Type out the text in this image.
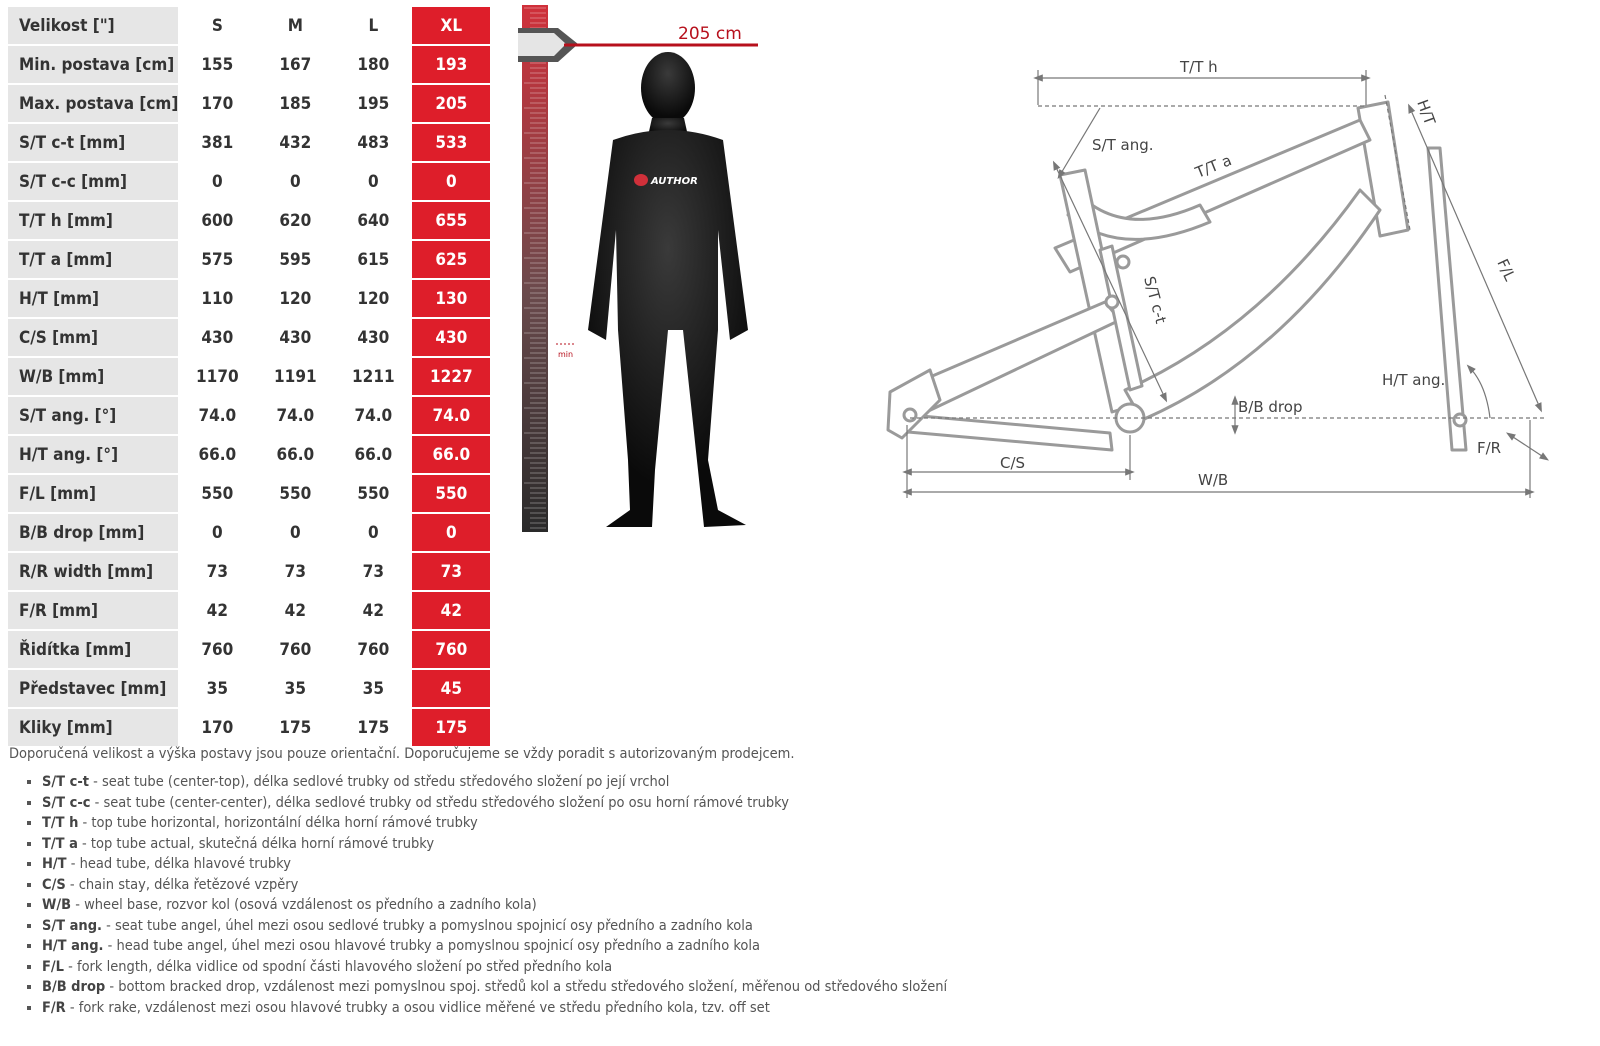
Velikost ["]	S	M	L	XL
Min. postava [cm]	155	167	180	193
Max. postava [cm]	170	185	195	205
S/T c-t [mm]	381	432	483	533
S/T c-c [mm]	0	0	0	0
T/T h [mm]	600	620	640	655
T/T a [mm]	575	595	615	625
H/T [mm]	110	120	120	130
C/S [mm]	430	430	430	430
W/B [mm]	1170	1191	1211	1227
S/T ang. [°]	74.0	74.0	74.0	74.0
H/T ang. [°]	66.0	66.0	66.0	66.0
F/L [mm]	550	550	550	550
B/B drop [mm]	0	0	0	0
R/R width [mm]	73	73	73	73
F/R [mm]	42	42	42	42
Řidítka [mm]	760	760	760	760
Představec [mm]	35	35	35	45
Kliky [mm]	170	175	175	175
205 cm
min
AUTHOR
T/T h
H/T
S/T ang.
T/T a
F/L
S/T c-t
H/T ang.
B/B drop
C/S
F/R
W/B

Doporučená velikost a výška postavy jsou pouze orientační. Doporučujeme se vždy poradit s autorizovaným prodejcem.

▪ S/T c-t - seat tube (center-top), délka sedlové trubky od středu středového složení po její vrchol
▪ S/T c-c - seat tube (center-center), délka sedlové trubky od středu středového složení po osu horní rámové trubky
▪ T/T h - top tube horizontal, horizontální délka horní rámové trubky
▪ T/T a - top tube actual, skutečná délka horní rámové trubky
▪ H/T - head tube, délka hlavové trubky
▪ C/S - chain stay, délka řetězové vzpěry
▪ W/B - wheel base, rozvor kol (osová vzdálenost os předního a zadního kola)
▪ S/T ang. - seat tube angel, úhel mezi osou sedlové trubky a pomyslnou spojnicí osy předního a zadního kola
▪ H/T ang. - head tube angel, úhel mezi osou hlavové trubky a pomyslnou spojnicí osy předního a zadního kola
▪ F/L - fork length, délka vidlice od spodní části hlavového složení po střed předního kola
▪ B/B drop - bottom bracked drop, vzdálenost mezi pomyslnou spoj. středů kol a středu středového složení, měřenou od středového složení
▪ F/R - fork rake, vzdálenost mezi osou hlavové trubky a osou vidlice měřené ve středu předního kola, tzv. off set
